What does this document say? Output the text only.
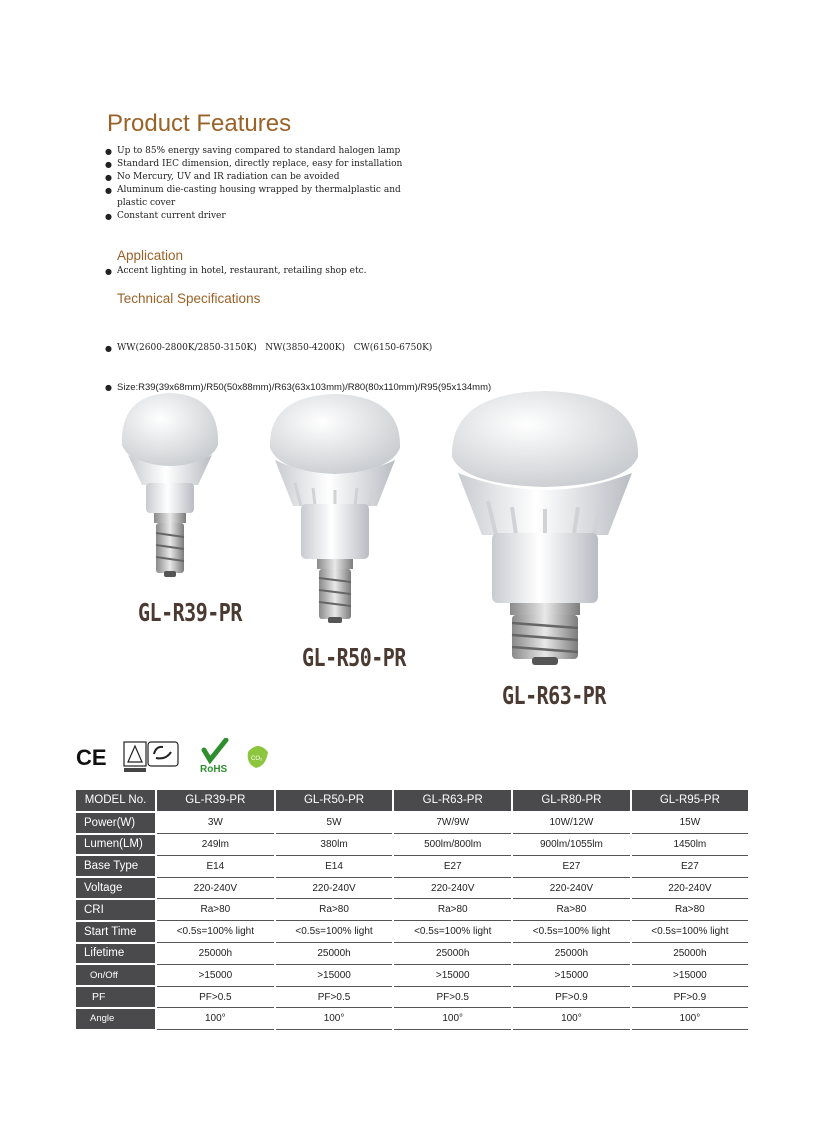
Product Features
● Up to 85% energy saving compared to standard halogen lamp
● Standard IEC dimension, directly replace, easy for installation
● No Mercury, UV and IR radiation can be avoided
● Aluminum die-casting housing wrapped by thermalplastic and plastic cover
● Constant current driver
Application
● Accent lighting in hotel, restaurant, retailing shop etc.
Technical Specifications

● WW(2600-2800K/2850-3150K)   NW(3850-4200K)   CW(6150-6750K)

● Size:R39(39x68mm)/R50(50x88mm)/R63(63x103mm)/R80(80x110mm)/R95(95x134mm)

GL-R39-PR
GL-R50-PR
GL-R63-PR
CE	RoHS
CO₂
MODEL No.	GL-R39-PR	GL-R50-PR	GL-R63-PR	GL-R80-PR	GL-R95-PR
Power(W)	3W	5W	7W/9W	10W/12W	15W
Lumen(LM)	249lm	380lm	500lm/800lm	900lm/1055lm	1450lm
Base Type	E14	E14	E27	E27	E27
Voltage	220-240V	220-240V	220-240V	220-240V	220-240V
CRI	Ra>80	Ra>80	Ra>80	Ra>80	Ra>80
Start Time	<0.5s=100% light	<0.5s=100% light	<0.5s=100% light	<0.5s=100% light	<0.5s=100% light
Lifetime	25000h	25000h	25000h	25000h	25000h
On/Off	>15000	>15000	>15000	>15000	>15000
PF	PF>0.5	PF>0.5	PF>0.5	PF>0.9	PF>0.9
Angle	100°	100°	100°	100°	100°
